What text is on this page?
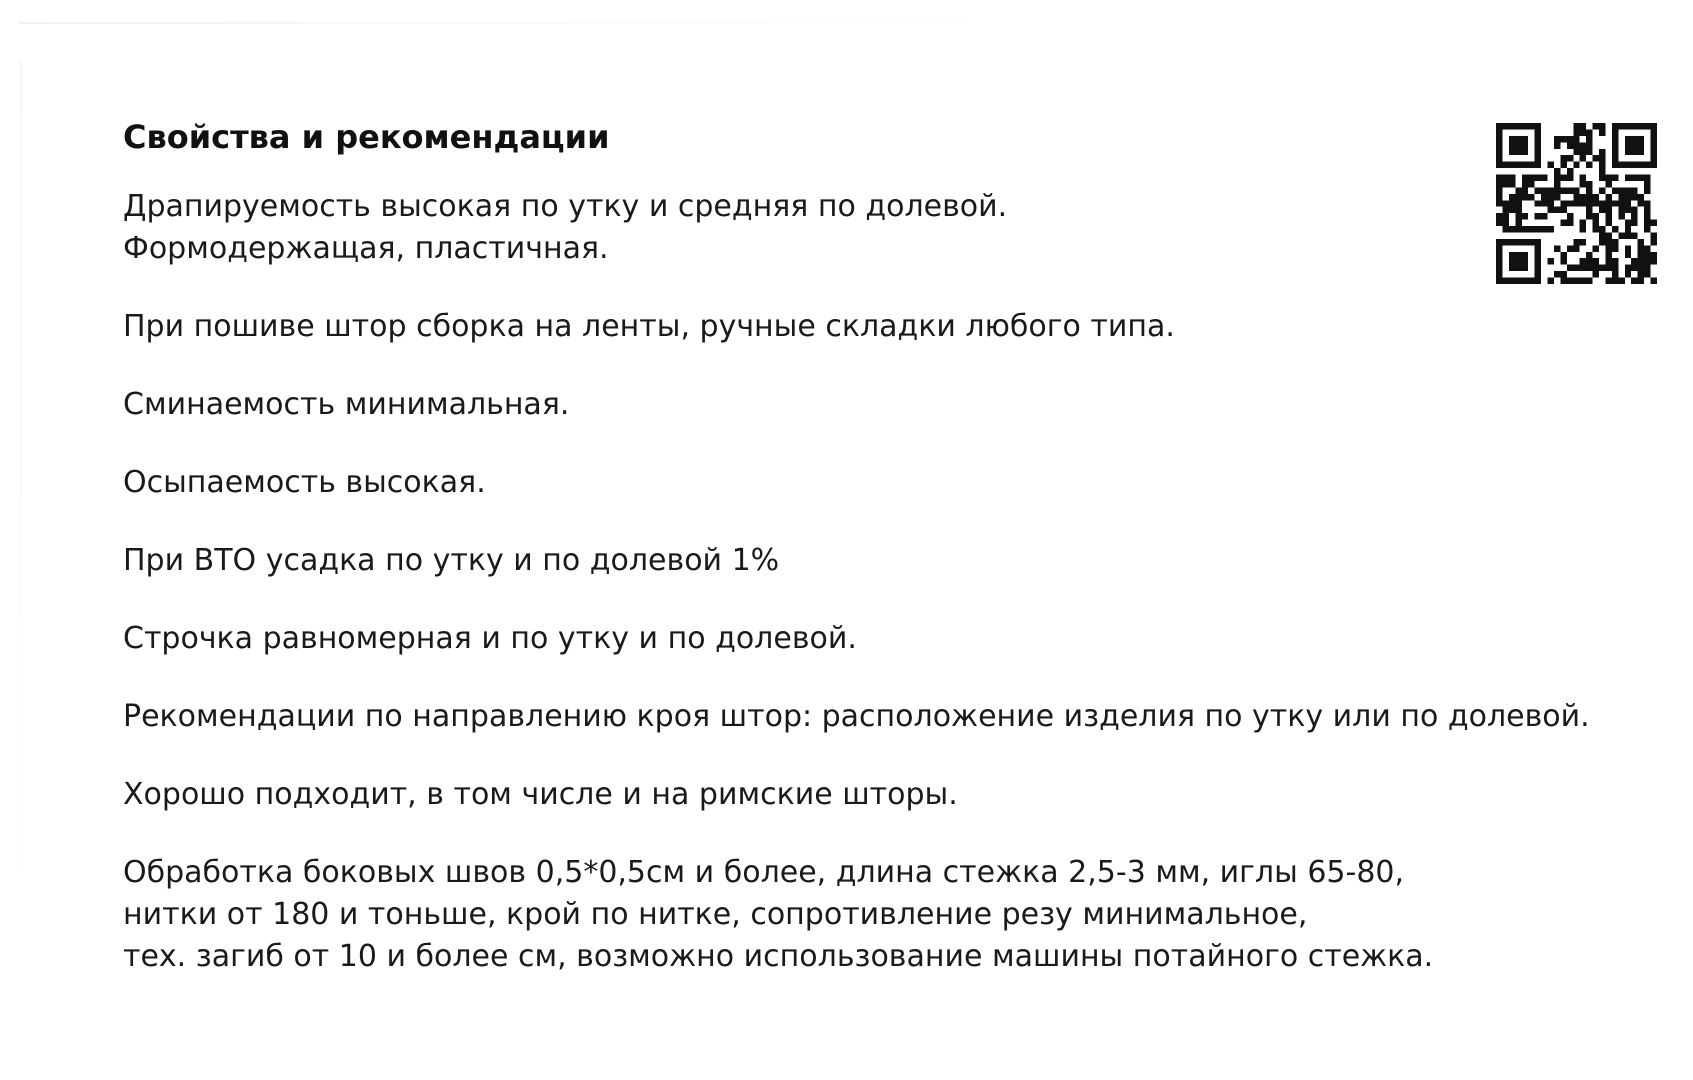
Свойства и рекомендации
Драпируемость высокая по утку и средняя по долевой.
Формодержащая, пластичная.
При пошиве штор сборка на ленты, ручные складки любого типа.
Сминаемость минимальная.
Осыпаемость высокая.
При ВТО усадка по утку и по долевой 1%
Строчка равномерная и по утку и по долевой.
Рекомендации по направлению кроя штор: расположение изделия по утку или по долевой.
Хорошо подходит, в том числе и на римские шторы.
Обработка боковых швов 0,5*0,5см и более, длина стежка 2,5-3 мм, иглы 65-80,
нитки от 180 и тоньше, крой по нитке, сопротивление резу минимальное,
тех. загиб от 10 и более см, возможно использование машины потайного стежка.
